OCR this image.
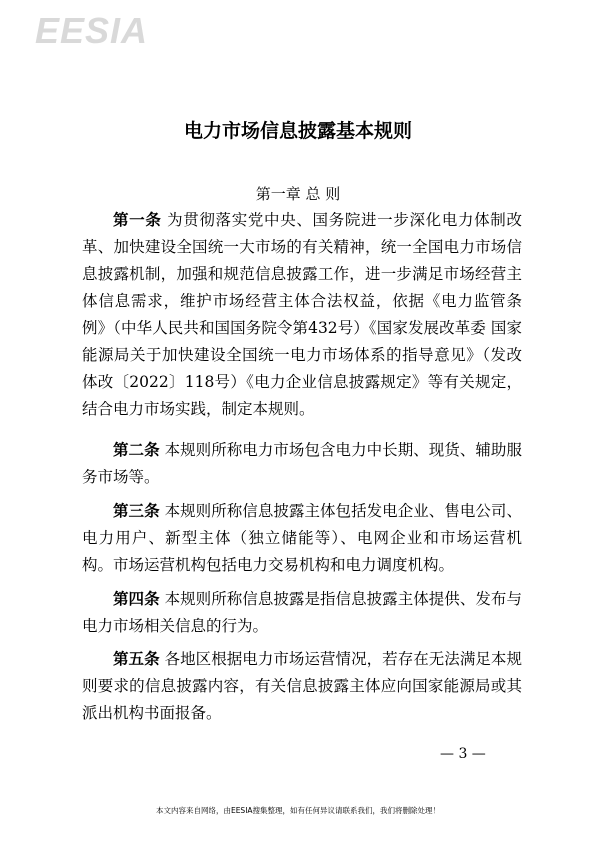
EESIA
电力市场信息披露基本规则
第一章 总 则

第一条 为贯彻落实党中央、国务院进一步深化电力体制改革、加快建设全国统一大市场的有关精神，统一全国电力市场信息披露机制，加强和规范信息披露工作，进一步满足市场经营主体信息需求，维护市场经营主体合法权益，依据《电力监管条例》（中华人民共和国国务院令第432号）《国家发展改革委 国家能源局关于加快建设全国统一电力市场体系的指导意见》（发改体改〔2022〕118号）《电力企业信息披露规定》等有关规定，结合电力市场实践，制定本规则。

第二条 本规则所称电力市场包含电力中长期、现货、辅助服务市场等。

第三条 本规则所称信息披露主体包括发电企业、售电公司、电力用户、新型主体（独立储能等）、电网企业和市场运营机构。市场运营机构包括电力交易机构和电力调度机构。

第四条 本规则所称信息披露是指信息披露主体提供、发布与电力市场相关信息的行为。

第五条 各地区根据电力市场运营情况，若存在无法满足本规则要求的信息披露内容，有关信息披露主体应向国家能源局或其派出机构书面报备。

— 3 —
本文内容来自网络，由EESIA搜集整理，如有任何异议请联系我们，我们将删除处理！
